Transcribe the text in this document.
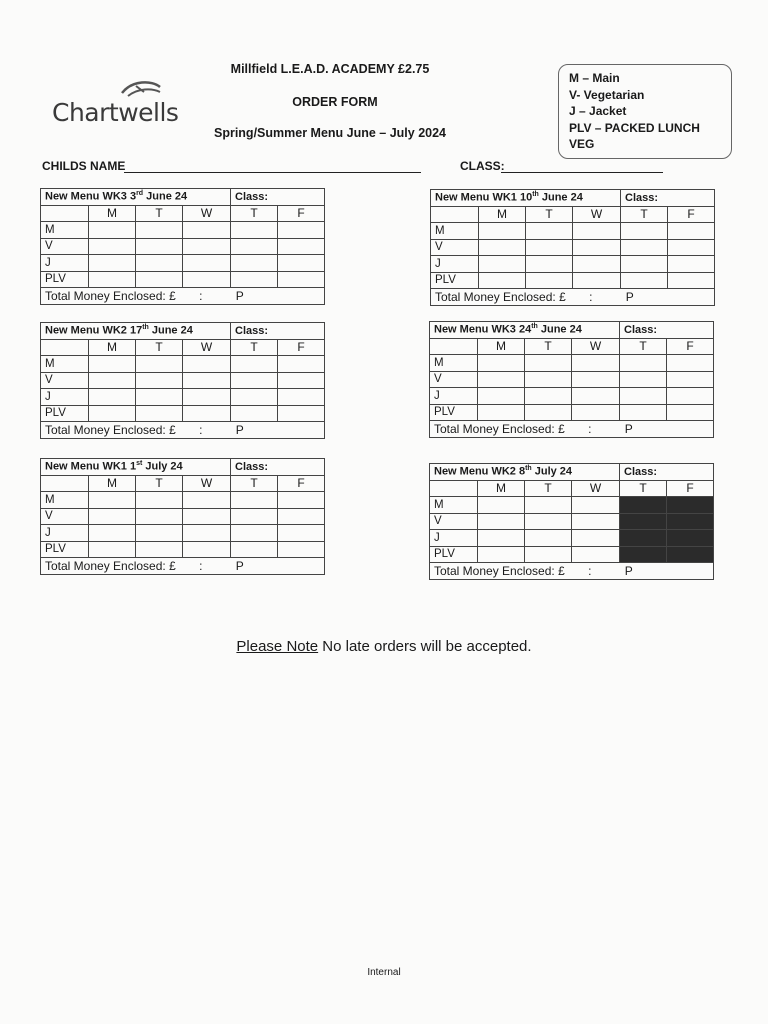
Chartwells
Millfield L.E.A.D. ACADEMY £2.75
ORDER FORM
Spring/Summer Menu June – July 2024
M – Main
V- Vegetarian
J – Jacket
PLV – PACKED LUNCH VEG
CHILDS NAME	CLASS:
New Menu WK3 3rd June 24				Class:	
	M	T	W	T	F
M					
V					
J					
PLV					
Total Money Enclosed: £ : P					
New Menu WK1 10th June 24				Class:	
	M	T	W	T	F
M					
V					
J					
PLV					
Total Money Enclosed: £ : P					
New Menu WK2 17th June 24				Class:	
	M	T	W	T	F
M					
V					
J					
PLV					
Total Money Enclosed: £ : P					
New Menu WK3 24th June 24				Class:	
	M	T	W	T	F
M					
V					
J					
PLV					
Total Money Enclosed: £ : P					
New Menu WK1 1st July 24				Class:	
	M	T	W	T	F
M					
V					
J					
PLV					
Total Money Enclosed: £ : P					
New Menu WK2 8th July 24				Class:	
	M	T	W	T	F
M					
V					
J					
PLV					
Total Money Enclosed: £ : P					
Please Note No late orders will be accepted.
Internal
